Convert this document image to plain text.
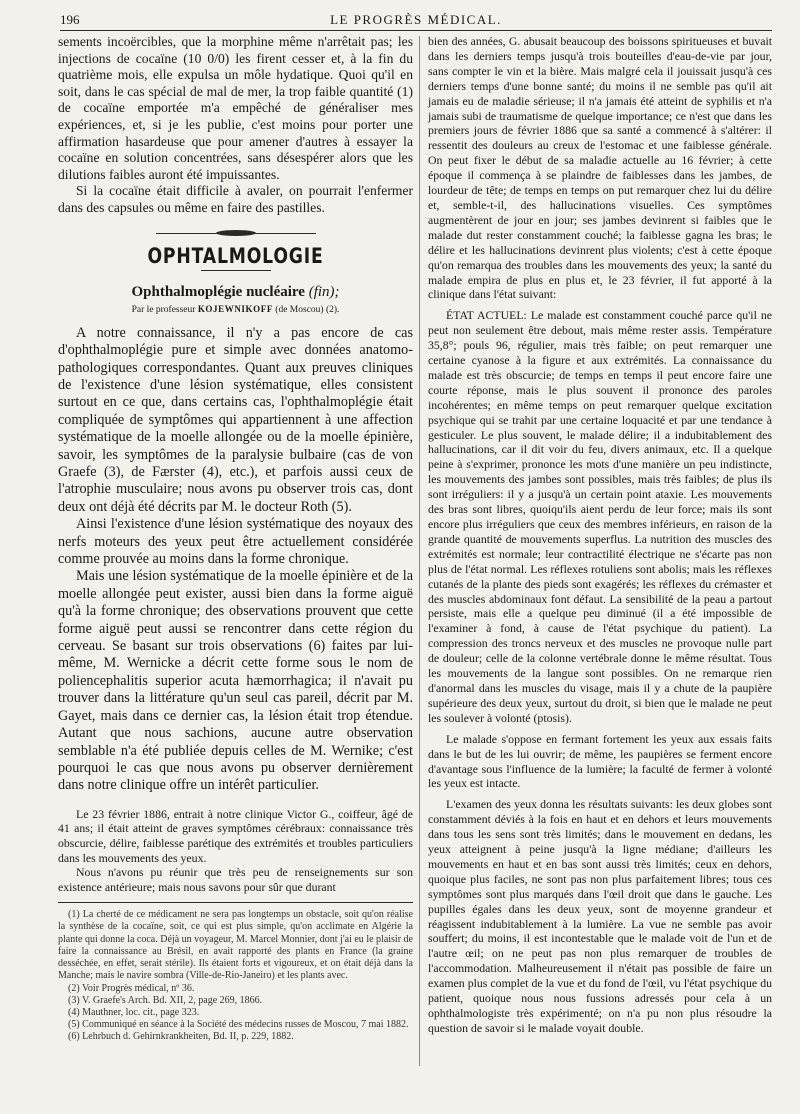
196	LE PROGRÈS MÉDICAL.

sements incoërcibles, que la morphine même n'arrêtait pas; les injections de cocaïne (10 0/0) les firent cesser et, à la fin du quatrième mois, elle expulsa un môle hydatique. Quoi qu'il en soit, dans le cas spécial de mal de mer, la trop faible quantité (1) de cocaïne emportée m'a empêché de généraliser mes expériences, et, si je les publie, c'est moins pour porter une affirmation hasardeuse que pour amener d'autres à essayer la cocaïne en solution concentrées, sans désespérer alors que les dilutions faibles auront été impuissantes.

Si la cocaïne était difficile à avaler, on pourrait l'enfermer dans des capsules ou même en faire des pastilles.

OPHTALMOLOGIE
Ophthalmoplégie nucléaire (fin);
Par le professeur KOJEWNIKOFF (de Moscou) (2).

A notre connaissance, il n'y a pas encore de cas d'ophthalmoplégie pure et simple avec données anatomo-pathologiques correspondantes. Quant aux preuves cliniques de l'existence d'une lésion systématique, elles consistent surtout en ce que, dans certains cas, l'ophthalmoplégie était compliquée de symptômes qui appartiennent à une affection systématique de la moelle allongée ou de la moelle épinière, savoir, les symptômes de la paralysie bulbaire (cas de von Graefe (3), de Færster (4), etc.), et parfois aussi ceux de l'atrophie musculaire; nous avons pu observer trois cas, dont deux ont déjà été décrits par M. le docteur Roth (5).

Ainsi l'existence d'une lésion systématique des noyaux des nerfs moteurs des yeux peut être actuellement considérée comme prouvée au moins dans la forme chronique.

Mais une lésion systématique de la moelle épinière et de la moelle allongée peut exister, aussi bien dans la forme aiguë qu'à la forme chronique; des observations prouvent que cette forme aiguë peut aussi se rencontrer dans cette région du cerveau. Se basant sur trois observations (6) faites par lui-même, M. Wernicke a décrit cette forme sous le nom de poliencephalitis superior acuta hæmorrhagica; il n'avait pu trouver dans la littérature qu'un seul cas pareil, décrit par M. Gayet, mais dans ce dernier cas, la lésion était trop étendue. Autant que nous sachions, aucune autre observation semblable n'a été publiée depuis celles de M. Wernike; c'est pourquoi le cas que nous avons pu observer dernièrement dans notre clinique offre un intérêt particulier.

Le 23 février 1886, entrait à notre clinique Victor G., coiffeur, âgé de 41 ans; il était atteint de graves symptômes cérébraux: connaissance très obscurcie, délire, faiblesse parétique des extrémités et troubles particuliers dans les mouvements des yeux.

Nous n'avons pu réunir que très peu de renseignements sur son existence antérieure; mais nous savons pour sûr que durant

(1) La cherté de ce médicament ne sera pas longtemps un obstacle, soit qu'on réalise la synthèse de la cocaïne, soit, ce qui est plus simple, qu'on acclimate en Algérie la plante qui donne la coca. Déjà un voyageur, M. Marcel Monnier, dont j'ai eu le plaisir de faire la connaissance au Brésil, en avait rapporté des plants en France (la graine desséchée, en effet, serait stérile). Ils étaient forts et vigoureux, et on était déjà dans la Manche; mais le navire sombra (Ville-de-Rio-Janeiro) et les plants avec.

(2) Voir Progrès médical, nº 36.

(3) V. Graefe's Arch. Bd. XII, 2, page 269, 1866.

(4) Mauthner, loc. cit., page 323.

(5) Communiqué en séance à la Société des médecins russes de Moscou, 7 mai 1882.

(6) Lehrbuch d. Gehirnkrankheiten, Bd. II, p. 229, 1882.

bien des années, G. abusait beaucoup des boissons spiritueuses et buvait dans les derniers temps jusqu'à trois bouteilles d'eau-de-vie par jour, sans compter le vin et la bière. Mais malgré cela il jouissait jusqu'à ces derniers temps d'une bonne santé; du moins il ne semble pas qu'il ait jamais eu de maladie sérieuse; il n'a jamais été atteint de syphilis et n'a jamais subi de traumatisme de quelque importance; ce n'est que dans les premiers jours de février 1886 que sa santé a commencé à s'altérer: il ressentit des douleurs au creux de l'estomac et une faiblesse générale. On peut fixer le début de sa maladie actuelle au 16 février; à cette époque il commença à se plaindre de faiblesses dans les jambes, de lourdeur de tête; de temps en temps on put remarquer chez lui du délire et, semble-t-il, des hallucinations visuelles. Ces symptômes augmentèrent de jour en jour; ses jambes devinrent si faibles que le malade dut rester constamment couché; la faiblesse gagna les bras; le délire et les hallucinations devinrent plus violents; c'est à cette époque qu'on remarqua des troubles dans les mouvements des yeux; la santé du malade empira de plus en plus et, le 23 février, il fut apporté à la clinique dans l'état suivant:

ÉTAT ACTUEL: Le malade est constamment couché parce qu'il ne peut non seulement être debout, mais même rester assis. Température 35,8°; pouls 96, régulier, mais très faible; on peut remarquer une certaine cyanose à la figure et aux extrémités. La connaissance du malade est très obscurcie; de temps en temps il peut encore faire une courte réponse, mais le plus souvent il prononce des paroles incohérentes; en même temps on peut remarquer quelque excitation psychique qui se trahit par une certaine loquacité et par une tendance à gesticuler. Le plus souvent, le malade délire; il a indubitablement des hallucinations, car il dit voir du feu, divers animaux, etc. Il a quelque peine à s'exprimer, prononce les mots d'une manière un peu indistincte, les mouvements des jambes sont possibles, mais très faibles; de plus ils sont irréguliers: il y a jusqu'à un certain point ataxie. Les mouvements des bras sont libres, quoiqu'ils aient perdu de leur force; mais ils sont encore plus irréguliers que ceux des membres inférieurs, en raison de la grande quantité de mouvements superflus. La nutrition des muscles des extrémités est normale; leur contractilité électrique ne s'écarte pas non plus de l'état normal. Les réflexes rotuliens sont abolis; mais les réflexes cutanés de la plante des pieds sont exagérés; les réflexes du crémaster et des muscles abdominaux font défaut. La sensibilité de la peau a partout persiste, mais elle a quelque peu diminué (il a été impossible de l'examiner à fond, à cause de l'état psychique du patient). La compression des troncs nerveux et des muscles ne provoque nulle part de douleur; celle de la colonne vertébrale donne le même résultat. Tous les mouvements de la langue sont possibles. On ne remarque rien d'anormal dans les muscles du visage, mais il y a chute de la paupière supérieure des deux yeux, surtout du droit, si bien que le malade ne peut les soulever à volonté (ptosis).

Le malade s'oppose en fermant fortement les yeux aux essais faits dans le but de les lui ouvrir; de même, les paupières se ferment encore d'avantage sous l'influence de la lumière; la faculté de fermer à volonté les yeux est intacte.

L'examen des yeux donna les résultats suivants: les deux globes sont constamment déviés à la fois en haut et en dehors et leurs mouvements dans tous les sens sont très limités; dans le mouvement en dedans, les yeux atteignent à peine jusqu'à la ligne médiane; d'ailleurs les mouvements en haut et en bas sont aussi très limités; ceux en dehors, quoique plus faciles, ne sont pas non plus parfaitement libres; tous ces symptômes sont plus marqués dans l'œil droit que dans le gauche. Les pupilles égales dans les deux yeux, sont de moyenne grandeur et réagissent indubitablement à la lumière. La vue ne semble pas avoir souffert; du moins, il est incontestable que le malade voit de l'un et de l'autre œil; on ne peut pas non plus remarquer de troubles de l'accommodation. Malheureusement il n'était pas possible de faire un examen plus complet de la vue et du fond de l'œil, vu l'état psychique du patient, quoique nous nous fussions adressés pour cela à un ophthalmologiste très expérimenté; on n'a pu non plus résoudre la question de savoir si le malade voyait double.
